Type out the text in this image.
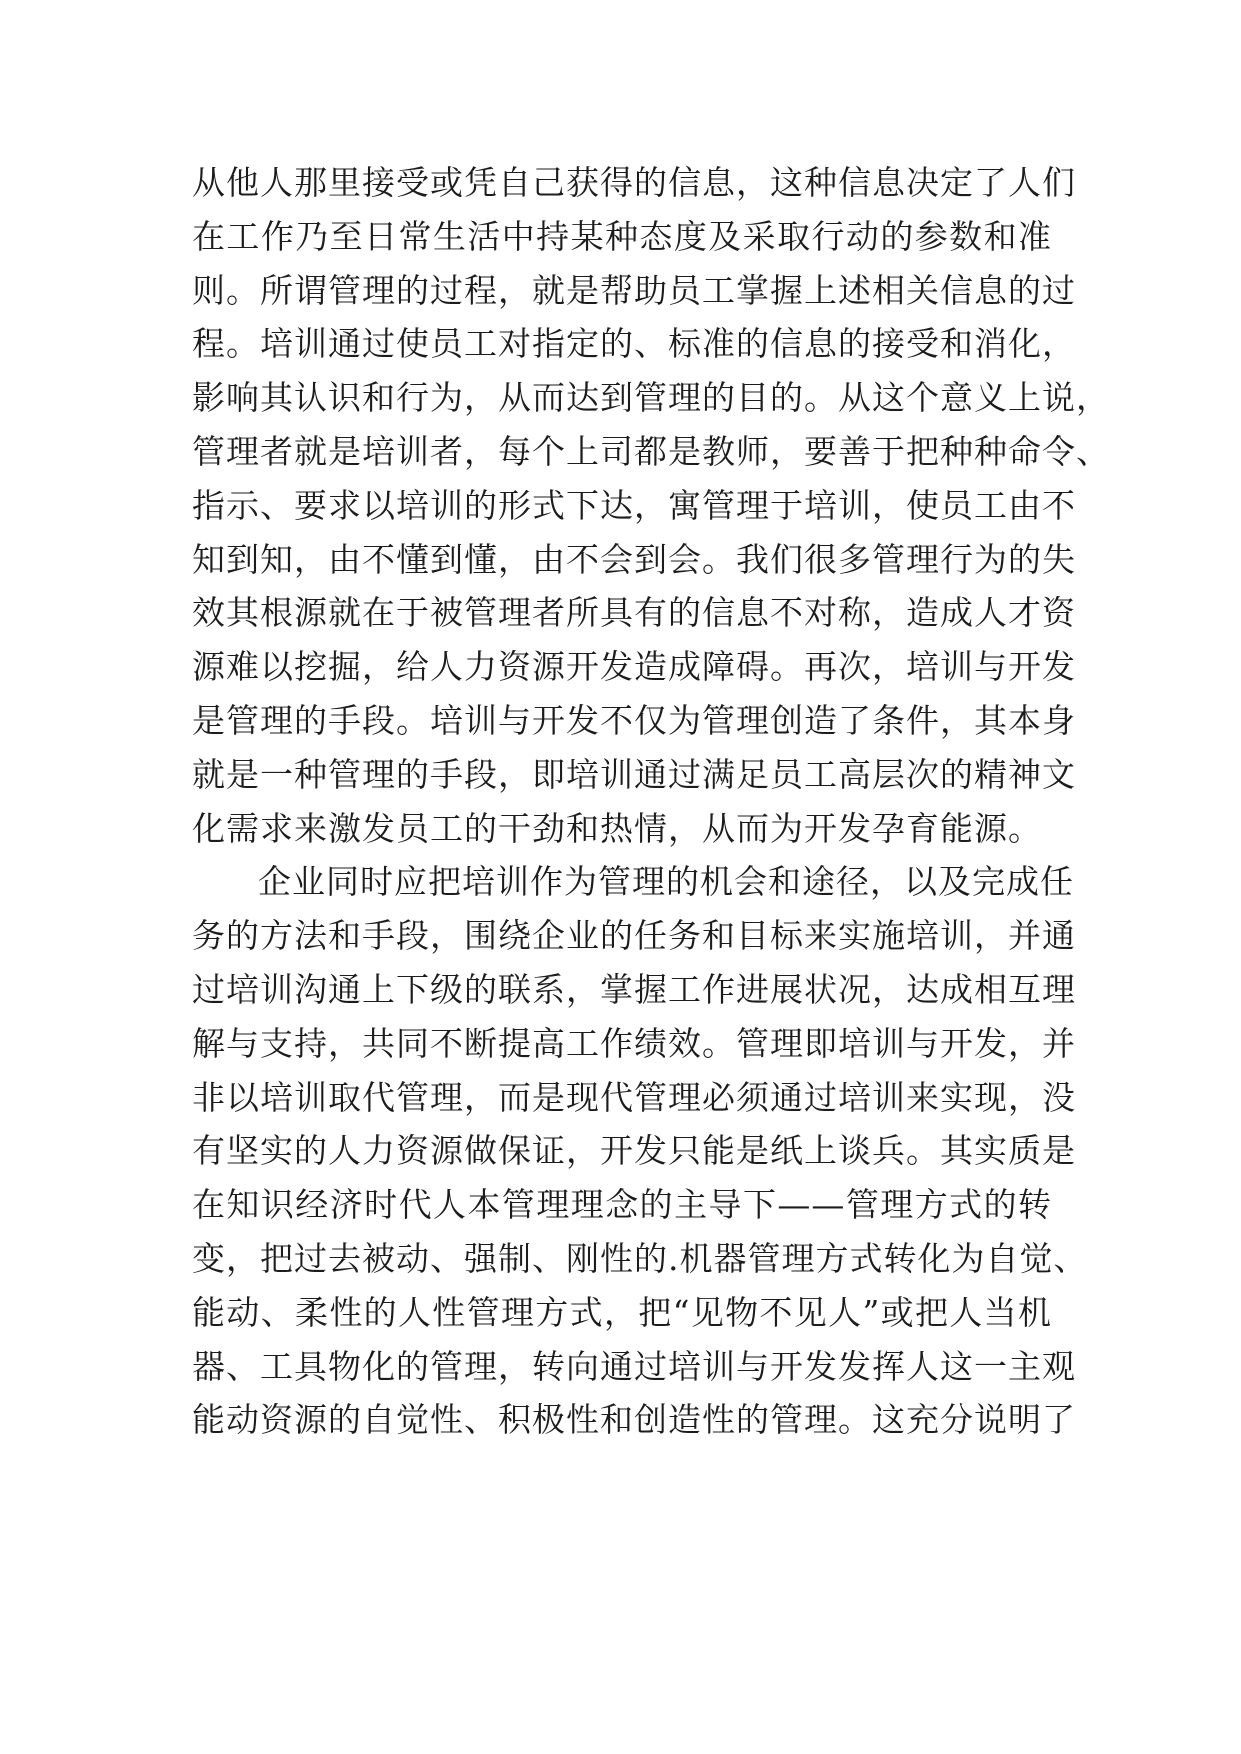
从他人那里接受或凭自己获得的信息，这种信息决定了人们
在工作乃至日常生活中持某种态度及采取行动的参数和准
则。所谓管理的过程，就是帮助员工掌握上述相关信息的过
程。培训通过使员工对指定的、标准的信息的接受和消化，
影响其认识和行为，从而达到管理的目的。从这个意义上说，
管理者就是培训者，每个上司都是教师，要善于把种种命令、
指示、要求以培训的形式下达，寓管理于培训，使员工由不
知到知，由不懂到懂，由不会到会。我们很多管理行为的失
效其根源就在于被管理者所具有的信息不对称，造成人才资
源难以挖掘，给人力资源开发造成障碍。再次，培训与开发
是管理的手段。培训与开发不仅为管理创造了条件，其本身
就是一种管理的手段，即培训通过满足员工高层次的精神文
化需求来激发员工的干劲和热情，从而为开发孕育能源。
企业同时应把培训作为管理的机会和途径，以及完成任
务的方法和手段，围绕企业的任务和目标来实施培训，并通
过培训沟通上下级的联系，掌握工作进展状况，达成相互理
解与支持，共同不断提高工作绩效。管理即培训与开发，并
非以培训取代管理，而是现代管理必须通过培训来实现，没
有坚实的人力资源做保证，开发只能是纸上谈兵。其实质是
在知识经济时代人本管理理念的主导下——管理方式的转
变，把过去被动、强制、刚性的.机器管理方式转化为自觉、
能动、柔性的人性管理方式，把“见物不见人”或把人当机
器、工具物化的管理，转向通过培训与开发发挥人这一主观
能动资源的自觉性、积极性和创造性的管理。这充分说明了
